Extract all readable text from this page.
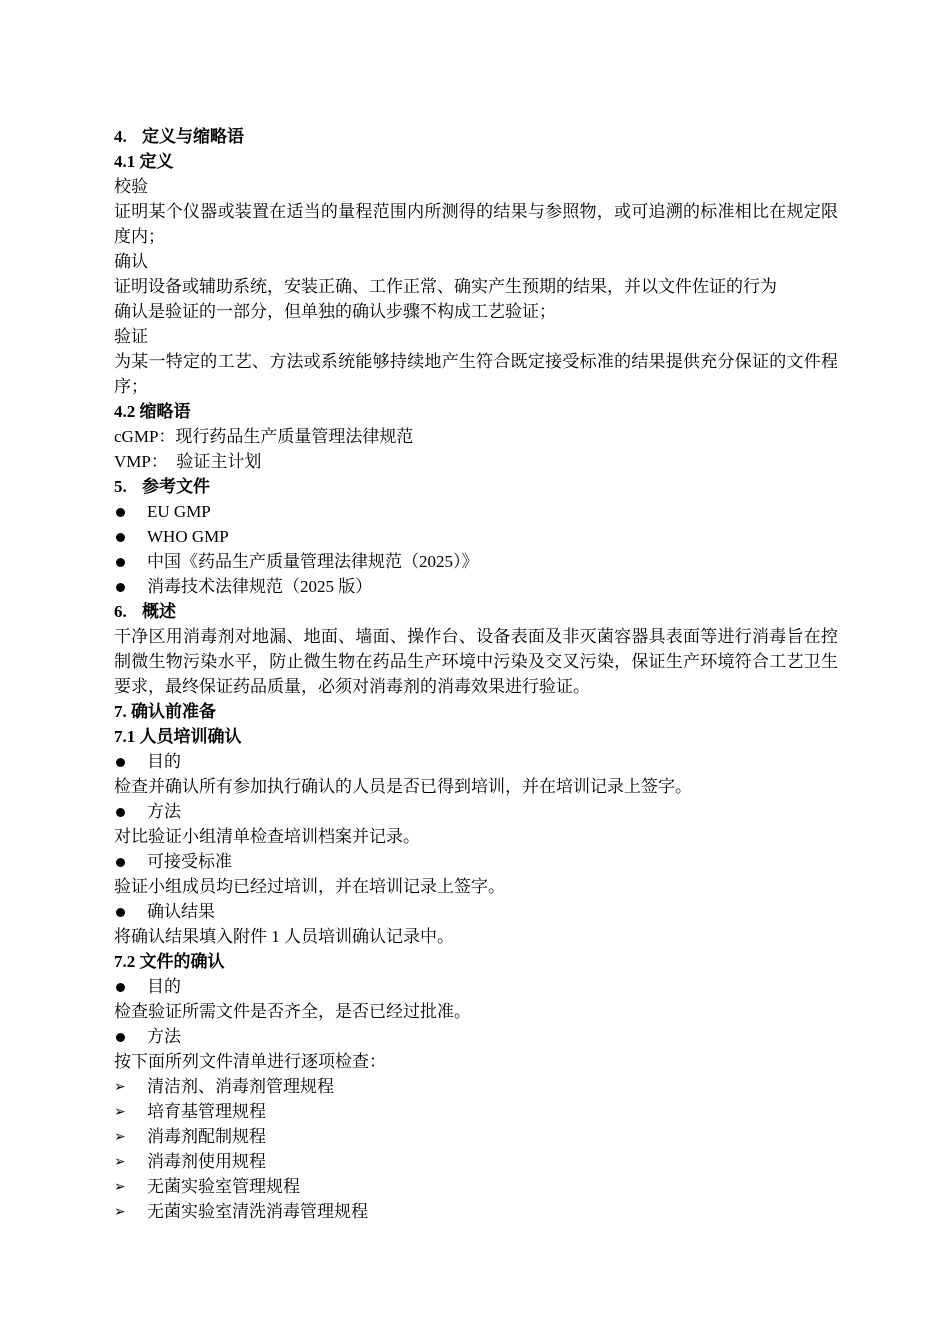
4. 定义与缩略语
4.1 定义
校验
证明某个仪器或装置在适当的量程范围内所测得的结果与参照物，或可追溯的标准相比在规定限度内；
确认
证明设备或辅助系统，安装正确、工作正常、确实产生预期的结果，并以文件佐证的行为
确认是验证的一部分，但单独的确认步骤不构成工艺验证；
验证
为某一特定的工艺、方法或系统能够持续地产生符合既定接受标准的结果提供充分保证的文件程序；
4.2 缩略语
cGMP：现行药品生产质量管理法律规范
VMP：  验证主计划
5. 参考文件
EU GMP
WHO GMP
中国《药品生产质量管理法律规范（2025）》
消毒技术法律规范（2025 版）
6. 概述
干净区用消毒剂对地漏、地面、墙面、操作台、设备表面及非灭菌容器具表面等进行消毒旨在控制微生物污染水平，防止微生物在药品生产环境中污染及交叉污染，保证生产环境符合工艺卫生要求，最终保证药品质量，必须对消毒剂的消毒效果进行验证。
7. 确认前准备
7.1 人员培训确认
目的
检查并确认所有参加执行确认的人员是否已得到培训，并在培训记录上签字。
方法
对比验证小组清单检查培训档案并记录。
可接受标准
验证小组成员均已经过培训，并在培训记录上签字。
确认结果
将确认结果填入附件 1 人员培训确认记录中。
7.2 文件的确认
目的
检查验证所需文件是否齐全，是否已经过批准。
方法
按下面所列文件清单进行逐项检查：
➢	清洁剂、消毒剂管理规程
➢	培育基管理规程
➢	消毒剂配制规程
➢	消毒剂使用规程
➢	无菌实验室管理规程
➢	无菌实验室清洗消毒管理规程
